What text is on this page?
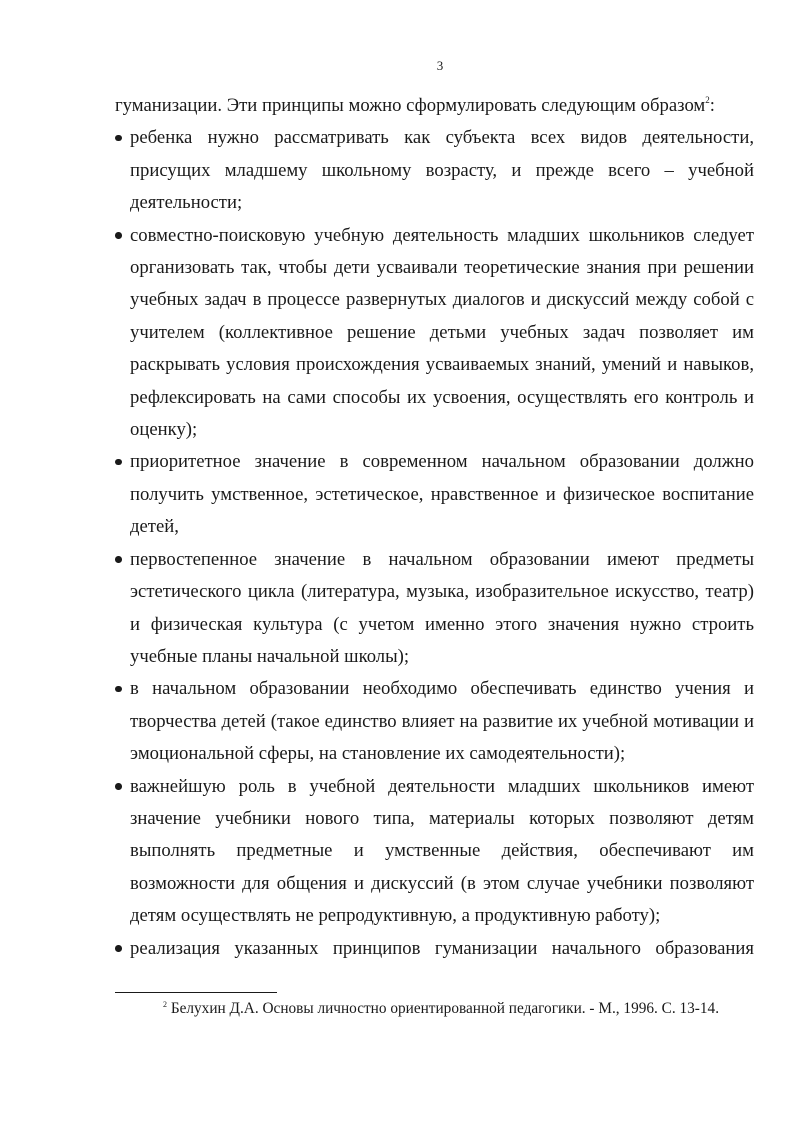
3

гуманизации. Эти принципы можно сформулировать следующим образом$^2$:

ребенка нужно рассматривать как субъекта всех видов деятельности, присущих младшему школьному возрасту, и прежде всего – учебной деятельности;
совместно-поисковую учебную деятельность младших школьников следует организовать так, чтобы дети усваивали теоретические знания при решении учебных задач в процессе развернутых диалогов и дискуссий между собой с учителем (коллективное решение детьми учебных задач позволяет им раскрывать условия происхождения усваиваемых знаний, умений и навыков, рефлексировать на сами способы их усвоения, осуществлять его контроль и оценку);
приоритетное значение в современном начальном образовании должно получить умственное, эстетическое, нравственное и физическое воспитание детей,
первостепенное значение в начальном образовании имеют предметы эстетического цикла (литература, музыка, изобразительное искусство, театр) и физическая культура (с учетом именно этого значения нужно строить учебные планы начальной школы);
в начальном образовании необходимо обеспечивать единство учения и творчества детей (такое единство влияет на развитие их учебной мотивации и эмоциональной сферы, на становление их самодеятельности);
важнейшую роль в учебной деятельности младших школьников имеют значение учебники нового типа, материалы которых позволяют детям выполнять предметные и умственные действия, обеспечивают им возможности для общения и дискуссий (в этом случае учебники позволяют детям осуществлять не репродуктивную, а продуктивную работу);
реализация указанных принципов гуманизации начального образования
$^2$ Белухин Д.А. Основы личностно ориентированной педагогики. - М., 1996. С. 13-14.
